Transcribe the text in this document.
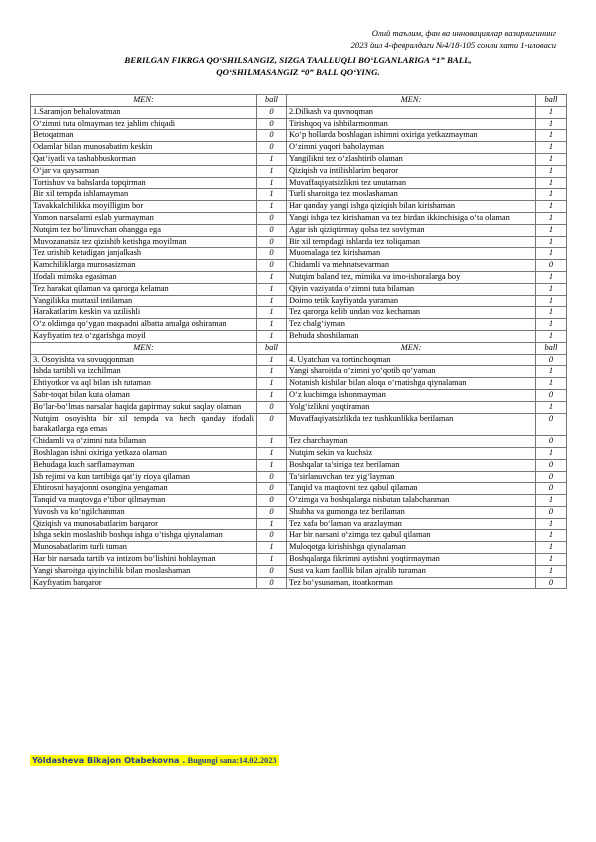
Олий таълим, фан ва инновациялар вазирлигининг
2023 йил 4-февралдаги №4/18-105 сонли хати 1-иловаси
BERILGAN FIKRGA QO‘SHILSANGIZ, SIZGA TAALLUQLI BO‘LGANLARIGA “1” BALL,
QO‘SHILMASANGIZ “0” BALL QO‘YING.
MEN:	ball	MEN:	ball
1.Saramjon behalovatman	0	2.Dilkash va quvnoqman	1
O‘zimni tuta olmayman tez jahlim chiqadi	0	Tirishqoq va ishbilarmonman	1
Betoqatman	0	Ko‘p hollarda boshlagan ishimni oxiriga yetkazmayman	1
Odamlar bilan munosabatim keskin	0	O‘zimni yuqori baholayman	1
Qat’iyatli va tashabbuskorman	1	Yangilikni tez o‘zlashtirib olaman	1
O‘jar va qaysarman	1	Qiziqish va intilishlarim beqaror	1
Tortishuv va bahslarda topqirman	1	Muvaffaqiyatsizlikni tez unutaman	1
Bir xil tempda ishlamayman	1	Turli sharoitga tez moslashaman	1
Tavakkalchilikka moyilligim bor	1	Har qanday yangi ishga qiziqish bilan kirishaman	1
Yomon narsalarni eslab yurmayman	0	Yangi ishga tez kirishaman va tez birdan ikkinchisiga o‘ta olaman	1
Nutqim tez bo‘linuvchan ohangga ega	0	Agar ish qiziqtirmay qolsa tez soviyman	1
Muvozanatsiz tez qizishib ketishga moyilman	0	Bir xil tempdagi ishlarda tez toliqaman	1
Tez urishib ketadigan janjalkash	0	Muomalaga tez kirishaman	1
Kamchiliklarga murosasizman	0	Chidamli va mehnatsevarman	0
Ifodali mimika egasiman	1	Nutqim baland tez, mimika va imo-ishoralarga boy	1
Tez harakat qilaman va qarorga kelaman	1	Qiyin vaziyatda o‘zimni tuta bilaman	1
Yangilikka muttasil intilaman	1	Doimo tetik kayfiyatda yuraman	1
Harakatlarim keskin va uzilishli	1	Tez qarorga kelib undan voz kechaman	1
O‘z oldimga qo‘ygan maqsadni albatta amalga oshiraman	1	Tez chalg‘iyman	1
Kayfiyatim tez o‘zgarishga moyil	1	Behuda shoshilaman	1
MEN:	ball	MEN:	ball
3. Osoyishta va sovuqqonman	1	4. Uyatchan va tortinchoqman	0
Ishda tartibli va izchilman	1	Yangi sharoitda o‘zimni yo‘qotib qo‘yaman	1
Ehtiyotkor va aql bilan ish tutaman	1	Notanish kishilar bilan aloqa o‘rnatishga qiynalaman	1
Sabr-toqat bilan kuta olaman	1	O‘z kuchimga ishonmayman	0
Bo‘lar-bo‘lmas narsalar haqida gapirmay sukut saqlay olaman	0	Yolg‘izlikni yoqtiraman	1
Nutqim osoyishta bir xil tempda va hech qanday ifodali harakatlarga ega emas	0	Muvaffaqiyatsizlikda tez tushkunlikka berilaman	0
Chidamli va o‘zimni tuta bilaman	1	Tez charchayman	0
Boshlagan ishni oxiriga yetkaza olaman	1	Nutqim sekin va kuchsiz	1
Behudaga kuch sarflamayman	1	Boshqalar ta’siriga tez berilaman	0
Ish rejimi va kun tartibiga qat’iy rioya qilaman	0	Ta’sirlanuvchan tez yig‘layman	0
Ehtirosni hayajonni osongina yengaman	0	Tanqid va maqtovni tez qabul qilaman	0
Tanqid va maqtovga e’tibor qilmayman	0	O‘zimga va boshqalarga nisbatan talabchanman	1
Yuvosh va ko‘ngilchanman	0	Shubha va gumonga tez berilaman	0
Qiziqish va munosabatlarim barqaror	1	Tez xafa bo‘laman va arazlayman	1
Ishga sekin moslashib boshqa ishga o‘tishga qiynalaman	0	Har bir narsani o‘zimga tez qabul qilaman	1
Munosabatlarim turli tuman	1	Muloqotga kirishishga qiynalaman	1
Har bir narsada tartib va intizom bo‘lishini hohlayman	1	Boshqalarga fikrimni aytishni yoqtirmayman	1
Yangi sharoitga qiyinchilik bilan moslashaman	0	Sust va kam faollik bilan ajralib turaman	1
Kayfiyatim barqaror	0	Tez bo’ysunaman, itoatkorman	0
Yöldasheva Bikajon Otabekovna . Bugungi sana:14.02.2023
